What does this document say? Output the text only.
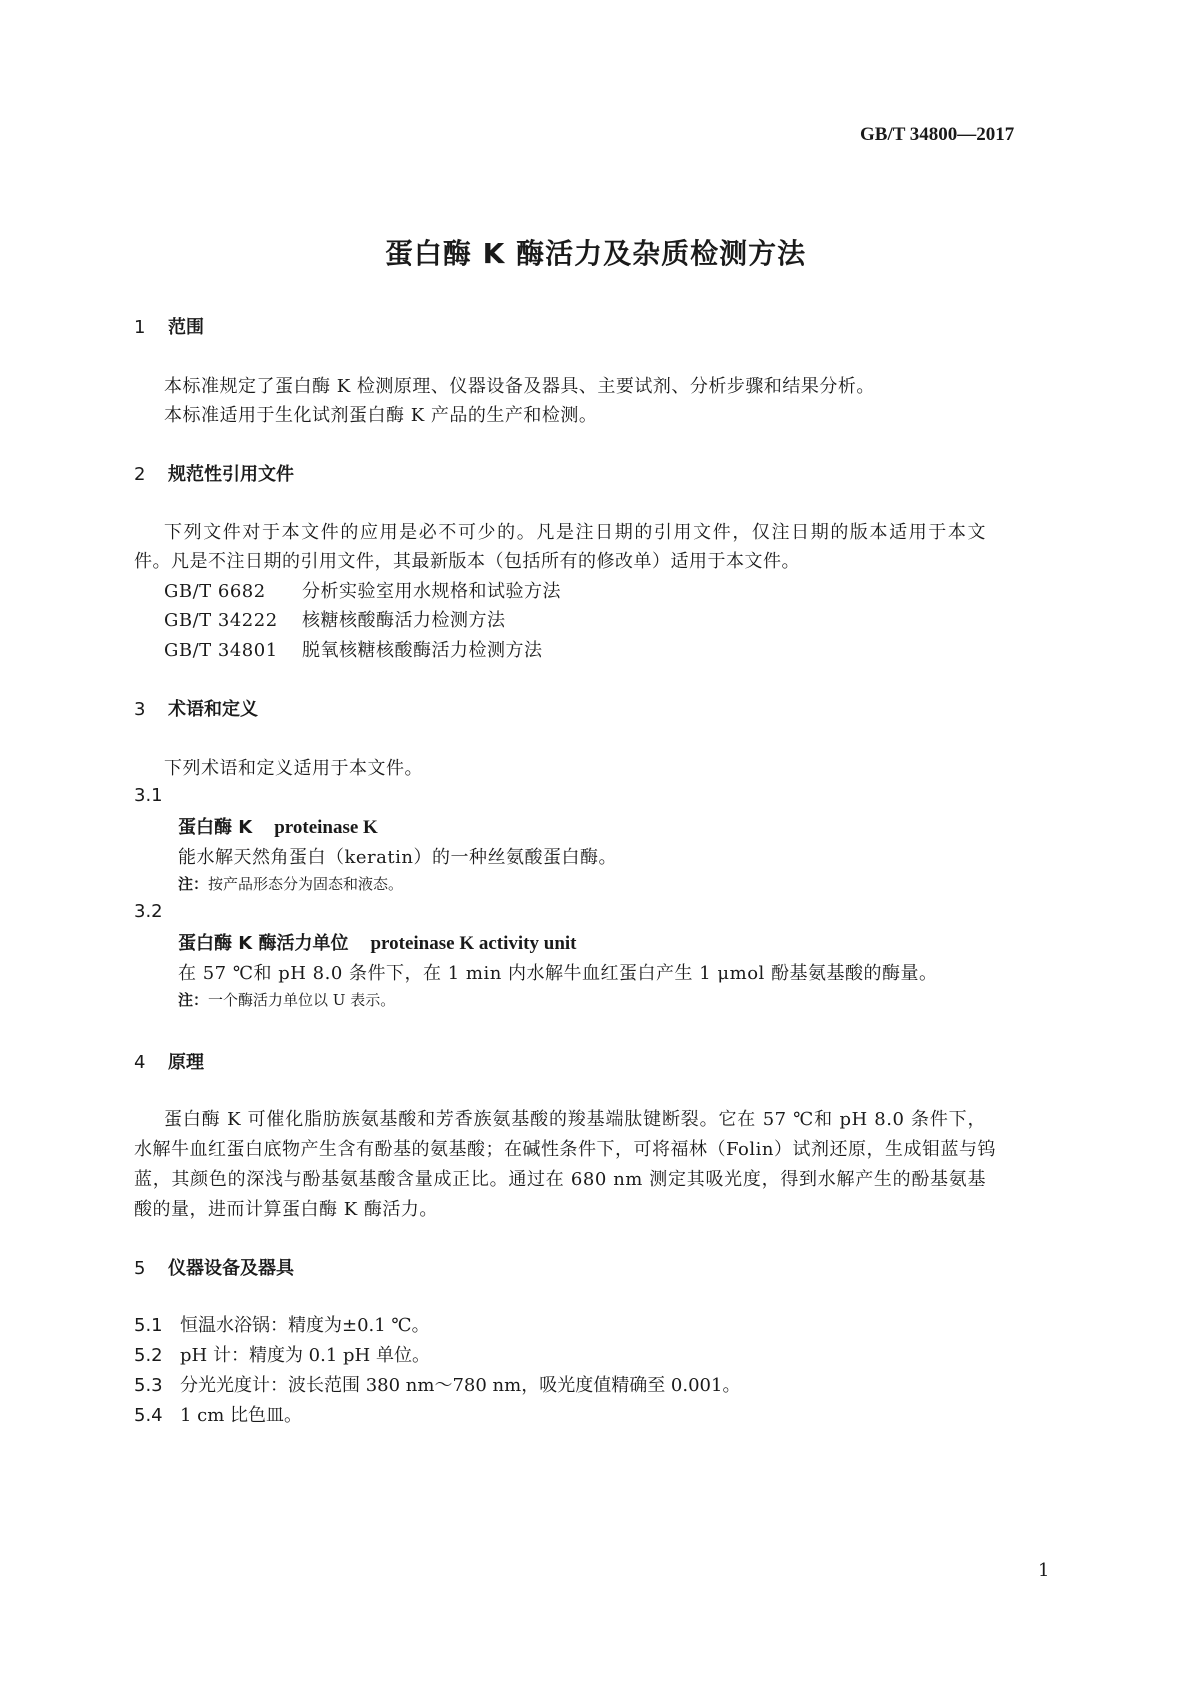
GB/T 34800—2017
蛋白酶 K 酶活力及杂质检测方法
1 范围
本标准规定了蛋白酶 K 检测原理、仪器设备及器具、主要试剂、分析步骤和结果分析。
本标准适用于生化试剂蛋白酶 K 产品的生产和检测。
2 规范性引用文件
下列文件对于本文件的应用是必不可少的。凡是注日期的引用文件，仅注日期的版本适用于本文
件。凡是不注日期的引用文件，其最新版本（包括所有的修改单）适用于本文件。
GB/T 6682 分析实验室用水规格和试验方法
GB/T 34222 核糖核酸酶活力检测方法
GB/T 34801 脱氧核糖核酸酶活力检测方法
3 术语和定义
下列术语和定义适用于本文件。
3.1
蛋白酶 K proteinase K
能水解天然角蛋白（keratin）的一种丝氨酸蛋白酶。
注：按产品形态分为固态和液态。
3.2
蛋白酶 K 酶活力单位 proteinase K activity unit
在 57 ℃和 pH 8.0 条件下，在 1 min 内水解牛血红蛋白产生 1 μmol 酚基氨基酸的酶量。
注：一个酶活力单位以 U 表示。
4 原理
蛋白酶 K 可催化脂肪族氨基酸和芳香族氨基酸的羧基端肽键断裂。它在 57 ℃和 pH 8.0 条件下，
水解牛血红蛋白底物产生含有酚基的氨基酸；在碱性条件下，可将福林（Folin）试剂还原，生成钼蓝与钨
蓝，其颜色的深浅与酚基氨基酸含量成正比。通过在 680 nm 测定其吸光度，得到水解产生的酚基氨基
酸的量，进而计算蛋白酶 K 酶活力。
5 仪器设备及器具
5.1 恒温水浴锅：精度为±0.1 ℃。
5.2 pH 计：精度为 0.1 pH 单位。
5.3 分光光度计：波长范围 380 nm～780 nm，吸光度值精确至 0.001。
5.4 1 cm 比色皿。
1
